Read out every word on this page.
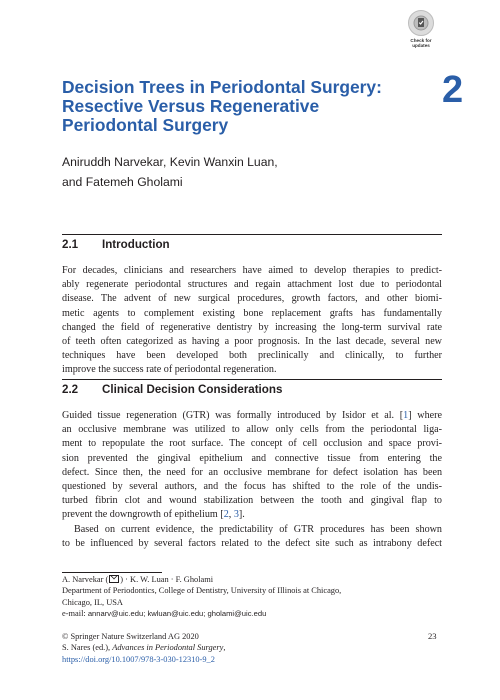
Check for
updates
Decision Trees in Periodontal Surgery:
Resective Versus Regenerative
Periodontal Surgery
2
Aniruddh Narvekar, Kevin Wanxin Luan,
and Fatemeh Gholami
2.1 Introduction
For decades, clinicians and researchers have aimed to develop therapies to predict-
ably regenerate periodontal structures and regain attachment lost due to periodontal
disease. The advent of new surgical procedures, growth factors, and other biomi-
metic agents to complement existing bone replacement grafts has fundamentally
changed the field of regenerative dentistry by increasing the long-term survival rate
of teeth often categorized as having a poor prognosis. In the last decade, several new
techniques have been developed both preclinically and clinically, to further
improve the success rate of periodontal regeneration.
2.2 Clinical Decision Considerations
Guided tissue regeneration (GTR) was formally introduced by Isidor et al. [1] where
an occlusive membrane was utilized to allow only cells from the periodontal liga-
ment to repopulate the root surface. The concept of cell occlusion and space provi-
sion prevented the gingival epithelium and connective tissue from entering the
defect. Since then, the need for an occlusive membrane for defect isolation has been
questioned by several authors, and the focus has shifted to the role of the undis-
turbed fibrin clot and wound stabilization between the tooth and gingival flap to
prevent the downgrowth of epithelium [2, 3].
Based on current evidence, the predictability of GTR procedures has been shown
to be influenced by several factors related to the defect site such as intrabony defect
A. Narvekar ( ) · K. W. Luan · F. Gholami
Department of Periodontics, College of Dentistry, University of Illinois at Chicago,
Chicago, IL, USA
e-mail: annarv@uic.edu; kwluan@uic.edu; gholami@uic.edu
© Springer Nature Switzerland AG 2020
S. Nares (ed.), Advances in Periodontal Surgery,
https://doi.org/10.1007/978-3-030-12310-9_2
23
